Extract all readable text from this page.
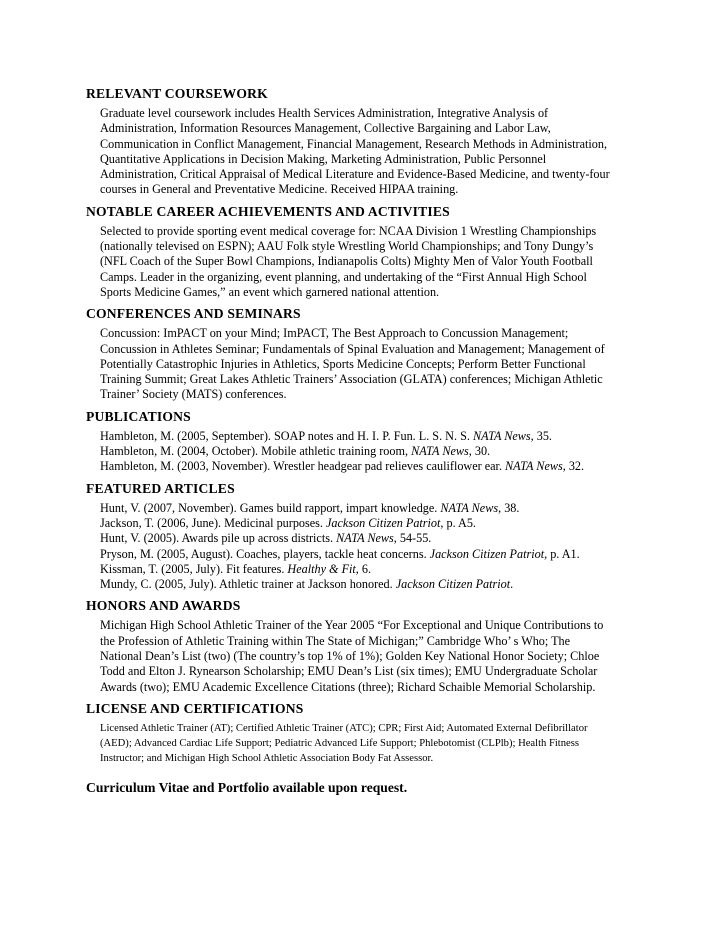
RELEVANT COURSEWORK
Graduate level coursework includes Health Services Administration, Integrative Analysis of
Administration, Information Resources Management, Collective Bargaining and Labor Law,
Communication in Conflict Management, Financial Management, Research Methods in Administration,
Quantitative Applications in Decision Making, Marketing Administration, Public Personnel
Administration, Critical Appraisal of Medical Literature and Evidence-Based Medicine, and twenty-four
courses in General and Preventative Medicine. Received HIPAA training.
NOTABLE CAREER ACHIEVEMENTS AND ACTIVITIES
Selected to provide sporting event medical coverage for: NCAA Division 1 Wrestling Championships
(nationally televised on ESPN); AAU Folk style Wrestling World Championships; and Tony Dungy’s
(NFL Coach of the Super Bowl Champions, Indianapolis Colts) Mighty Men of Valor Youth Football
Camps. Leader in the organizing, event planning, and undertaking of the “First Annual High School
Sports Medicine Games,” an event which garnered national attention.
CONFERENCES AND SEMINARS
Concussion: ImPACT on your Mind; ImPACT, The Best Approach to Concussion Management;
Concussion in Athletes Seminar; Fundamentals of Spinal Evaluation and Management; Management of
Potentially Catastrophic Injuries in Athletics, Sports Medicine Concepts; Perform Better Functional
Training Summit; Great Lakes Athletic Trainers’ Association (GLATA) conferences; Michigan Athletic
Trainer’ Society (MATS) conferences.
PUBLICATIONS
Hambleton, M. (2005, September). SOAP notes and H. I. P. Fun. L. S. N. S. NATA News, 35.
Hambleton, M. (2004, October). Mobile athletic training room, NATA News, 30.
Hambleton, M. (2003, November). Wrestler headgear pad relieves cauliflower ear. NATA News, 32.
FEATURED ARTICLES
Hunt, V. (2007, November). Games build rapport, impart knowledge. NATA News, 38.
Jackson, T. (2006, June). Medicinal purposes. Jackson Citizen Patriot, p. A5.
Hunt, V. (2005). Awards pile up across districts. NATA News, 54-55.
Pryson, M. (2005, August). Coaches, players, tackle heat concerns. Jackson Citizen Patriot, p. A1.
Kissman, T. (2005, July). Fit features. Healthy & Fit, 6.
Mundy, C. (2005, July). Athletic trainer at Jackson honored. Jackson Citizen Patriot.
HONORS AND AWARDS
Michigan High School Athletic Trainer of the Year 2005 “For Exceptional and Unique Contributions to
the Profession of Athletic Training within The State of Michigan;” Cambridge Who’ s Who; The
National Dean’s List (two) (The country’s top 1% of 1%); Golden Key National Honor Society; Chloe
Todd and Elton J. Rynearson Scholarship; EMU Dean’s List (six times); EMU Undergraduate Scholar
Awards (two); EMU Academic Excellence Citations (three); Richard Schaible Memorial Scholarship.
LICENSE AND CERTIFICATIONS
Licensed Athletic Trainer (AT); Certified Athletic Trainer (ATC); CPR; First Aid; Automated External Defibrillator
(AED); Advanced Cardiac Life Support; Pediatric Advanced Life Support; Phlebotomist (CLPlb); Health Fitness
Instructor; and Michigan High School Athletic Association Body Fat Assessor.
Curriculum Vitae and Portfolio available upon request.
